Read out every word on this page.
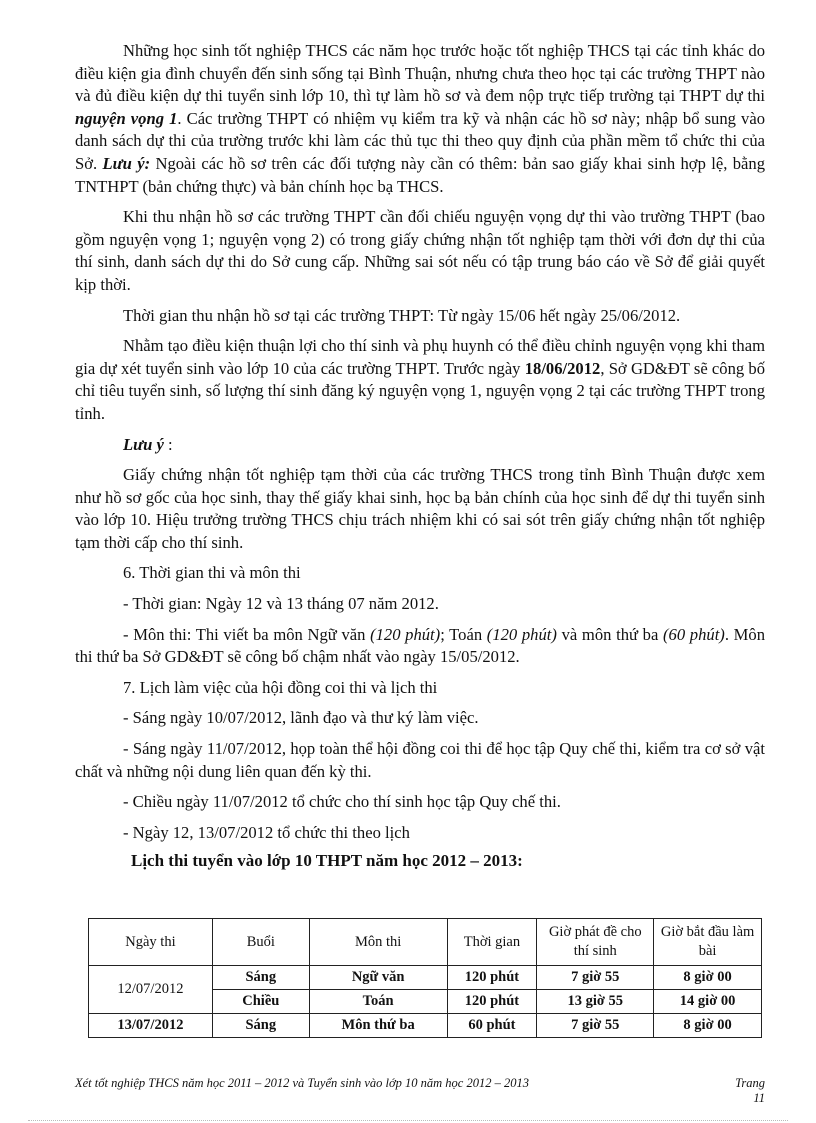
Những học sinh tốt nghiệp THCS các năm học trước hoặc tốt nghiệp THCS tại các tỉnh khác do điều kiện gia đình chuyển đến sinh sống tại Bình Thuận, nhưng chưa theo học tại các trường THPT nào và đủ điều kiện dự thi tuyển sinh lớp 10, thì tự làm hồ sơ và đem nộp trực tiếp trường tại THPT dự thi nguyện vọng 1. Các trường THPT có nhiệm vụ kiểm tra kỹ và nhận các hồ sơ này; nhập bổ sung vào danh sách dự thi của trường trước khi làm các thủ tục thi theo quy định của phần mềm tổ chức thi của Sở. Lưu ý: Ngoài các hồ sơ trên các đối tượng này cần có thêm: bản sao giấy khai sinh hợp lệ, bằng TNTHPT (bản chứng thực) và bản chính học bạ THCS.

Khi thu nhận hồ sơ các trường THPT cần đối chiếu nguyện vọng dự thi vào trường THPT (bao gồm nguyện vọng 1; nguyện vọng 2) có trong giấy chứng nhận tốt nghiệp tạm thời với đơn dự thi của thí sinh, danh sách dự thi do Sở cung cấp. Những sai sót nếu có tập trung báo cáo về Sở để giải quyết kịp thời.

Thời gian thu nhận hồ sơ tại các trường THPT: Từ ngày 15/06 hết ngày 25/06/2012.

Nhằm tạo điều kiện thuận lợi cho thí sinh và phụ huynh có thể điều chỉnh nguyện vọng khi tham gia dự xét tuyển sinh vào lớp 10 của các trường THPT. Trước ngày 18/06/2012, Sở GD&ĐT sẽ công bố chỉ tiêu tuyển sinh, số lượng thí sinh đăng ký nguyện vọng 1, nguyện vọng 2 tại các trường THPT trong tỉnh.

Lưu ý :

Giấy chứng nhận tốt nghiệp tạm thời của các trường THCS trong tỉnh Bình Thuận được xem như hồ sơ gốc của học sinh, thay thế giấy khai sinh, học bạ bản chính của học sinh để dự thi tuyển sinh vào lớp 10. Hiệu trưởng trường THCS chịu trách nhiệm khi có sai sót trên giấy chứng nhận tốt nghiệp tạm thời cấp cho thí sinh.

6. Thời gian thi và môn thi

- Thời gian: Ngày 12 và 13 tháng 07 năm 2012.

- Môn thi: Thi viết ba môn Ngữ văn (120 phút); Toán (120 phút) và môn thứ ba (60 phút). Môn thi thứ ba Sở GD&ĐT sẽ công bố chậm nhất vào ngày 15/05/2012.

7. Lịch làm việc của hội đồng coi thi và lịch thi

- Sáng ngày 10/07/2012, lãnh đạo và thư ký làm việc.

- Sáng ngày 11/07/2012, họp toàn thể hội đồng coi thi để học tập Quy chế thi, kiểm tra cơ sở vật chất và những nội dung liên quan đến kỳ thi.

- Chiều ngày 11/07/2012 tổ chức cho thí sinh học tập Quy chế thi.

- Ngày 12, 13/07/2012 tổ chức thi theo lịch

Lịch thi tuyển vào lớp 10 THPT năm học 2012 – 2013:
Ngày thi	Buổi	Môn thi	Thời gian	Giờ phát đề cho thí sinh	Giờ bắt đầu làm bài
12/07/2012	Sáng	Ngữ văn	120 phút	7 giờ 55	8 giờ 00
	Chiều	Toán	120 phút	13 giờ 55	14 giờ 00
13/07/2012	Sáng	Môn thứ ba	60 phút	7 giờ 55	8 giờ 00
Xét tốt nghiệp THCS năm học 2011 – 2012 và Tuyển sinh vào lớp 10 năm học 2012 – 2013	Trang
11
